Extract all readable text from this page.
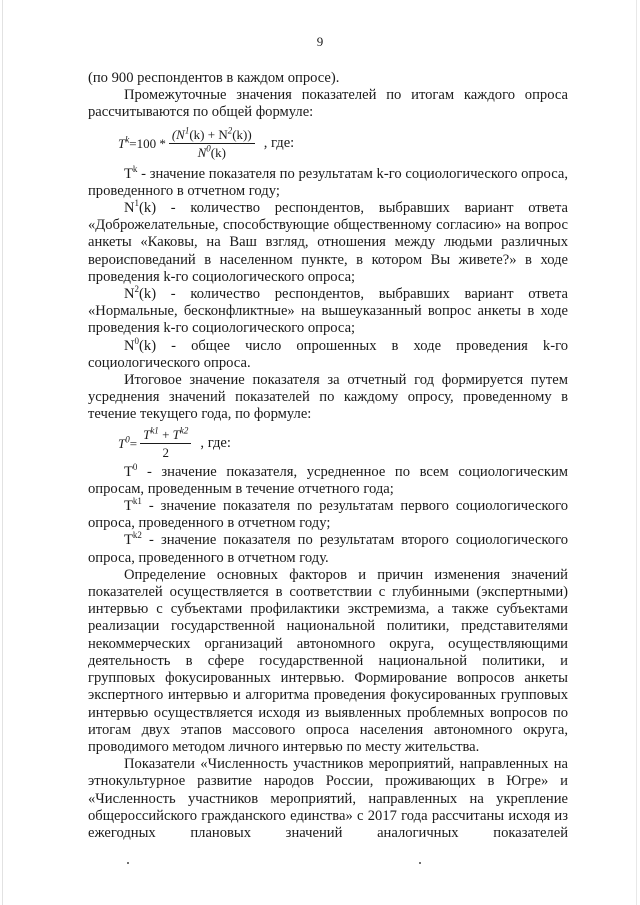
9

(по 900 респондентов в каждом опросе).

Промежуточные значения показателей по итогам каждого опроса рассчитываются по общей формуле:

$T^k =100 * \frac{(N^1(k) + N^2(k))}{N^0(k)}$ , где:

$T^k$ - значение показателя по результатам k-го социологического опроса, проведенного в отчетном году;

$N^1(k)$ - количество респондентов, выбравших вариант ответа «Доброжелательные, способствующие общественному согласию» на вопрос анкеты «Каковы, на Ваш взгляд, отношения между людьми различных вероисповеданий в населенном пункте, в котором Вы живете?» в ходе проведения k-го социологического опроса;

$N^2(k)$ - количество респондентов, выбравших вариант ответа «Нормальные, бесконфликтные» на вышеуказанный вопрос анкеты в ходе проведения k-го социологического опроса;

$N^0(k)$ - общее число опрошенных в ходе проведения k-го социологического опроса.

Итоговое значение показателя за отчетный год формируется путем усреднения значений показателей по каждому опросу, проведенному в течение текущего года, по формуле:

$T^0 = \frac{T^{k1} + T^{k2}}{2}$ , где:

$T^0$ - значение показателя, усредненное по всем социологическим опросам, проведенным в течение отчетного года;

$T^{k1}$ - значение показателя по результатам первого социологического опроса, проведенного в отчетном году;

$T^{k2}$ - значение показателя по результатам второго социологического опроса, проведенного в отчетном году.

Определение основных факторов и причин изменения значений показателей осуществляется в соответствии с глубинными (экспертными) интервью с субъектами профилактики экстремизма, а также субъектами реализации государственной национальной политики, представителями некоммерческих организаций автономного округа, осуществляющими деятельность в сфере государственной национальной политики, и групповых фокусированных интервью. Формирование вопросов анкеты экспертного интервью и алгоритма проведения фокусированных групповых интервью осуществляется исходя из выявленных проблемных вопросов по итогам двух этапов массового опроса населения автономного округа, проводимого методом личного интервью по месту жительства.

Показатели «Численность участников мероприятий, направленных на этнокультурное развитие народов России, проживающих в Югре» и «Численность участников мероприятий, направленных на укрепление общероссийского гражданского единства» с 2017 года рассчитаны исходя из ежегодных плановых значений аналогичных показателей
